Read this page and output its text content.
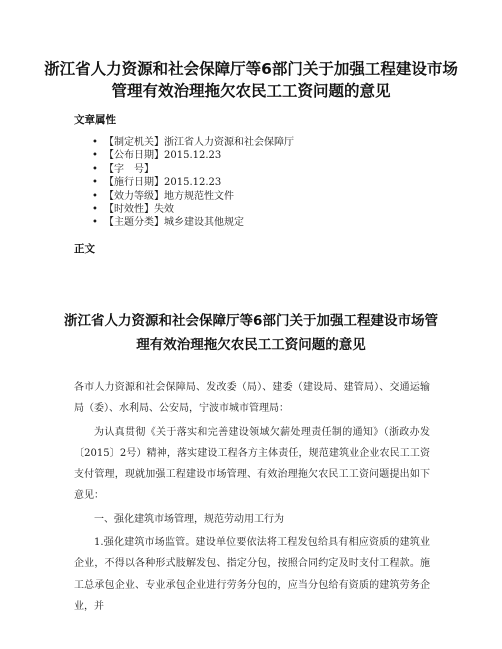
浙江省人力资源和社会保障厅等6部门关于加强工程建设市场管理有效治理拖欠农民工工资问题的意见
文章属性
• 【制定机关】浙江省人力资源和社会保障厅
• 【公布日期】2015.12.23
• 【字　号】
• 【施行日期】2015.12.23
• 【效力等级】地方规范性文件
• 【时效性】失效
• 【主题分类】城乡建设其他规定
正文
浙江省人力资源和社会保障厅等6部门关于加强工程建设市场管理有效治理拖欠农民工工资问题的意见

各市人力资源和社会保障局、发改委（局）、建委（建设局、建管局）、交通运输局（委）、水利局、公安局，宁波市城市管理局：

为认真贯彻《关于落实和完善建设领域欠薪处理责任制的通知》（浙政办发〔2015〕2号）精神，落实建设工程各方主体责任，规范建筑业企业农民工工资支付管理，现就加强工程建设市场管理、有效治理拖欠农民工工资问题提出如下意见：

一、强化建筑市场管理，规范劳动用工行为

1.强化建筑市场监管。建设单位要依法将工程发包给具有相应资质的建筑业企业，不得以各种形式肢解发包、指定分包，按照合同约定及时支付工程款。施工总承包企业、专业承包企业进行劳务分包的，应当分包给有资质的建筑劳务企业，并
